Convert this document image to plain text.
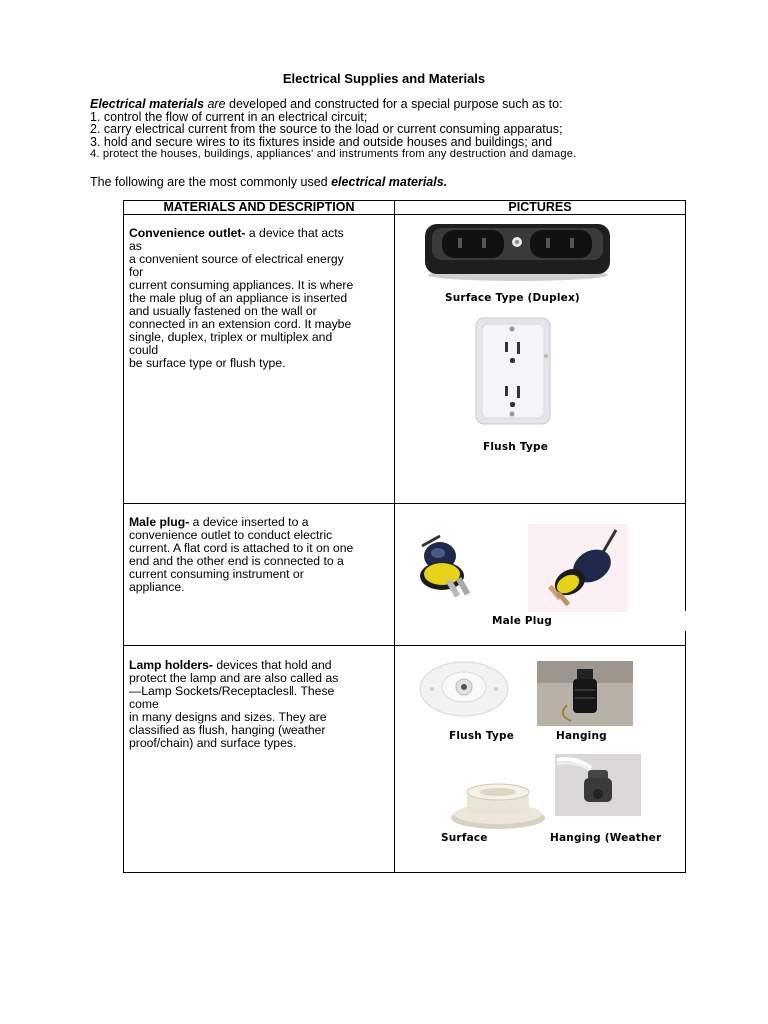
Electrical Supplies and Materials
Electrical materials are developed and constructed for a special purpose such as to:
1. control the flow of current in an electrical circuit;
2. carry electrical current from the source to the load or current consuming apparatus;
3. hold and secure wires to its fixtures inside and outside houses and buildings; and
4. protect the houses, buildings, appliances' and instruments from any destruction and damage.
The following are the most commonly used electrical materials.
MATERIALS AND DESCRIPTION	PICTURES
Convenience outlet- a device that acts
as
a convenient source of electrical energy
for
current consuming appliances. It is where
the male plug of an appliance is inserted
and usually fastened on the wall or
connected in an extension cord. It maybe
single, duplex, triplex or multiplex and
could
be surface type or flush type.
Surface Type (Duplex)
Flush Type
Male plug- a device inserted to a
convenience outlet to conduct electric
current. A flat cord is attached to it on one
end and the other end is connected to a
current consuming instrument or
appliance.
Male Plug
Lamp holders- devices that hold and
protect the lamp and are also called as
―Lamp Sockets/Receptacles‖. These
come
in many designs and sizes. They are
classified as flush, hanging (weather
proof/chain) and surface types.	Flush Type	Hanging
Surface	Hanging (Weather
